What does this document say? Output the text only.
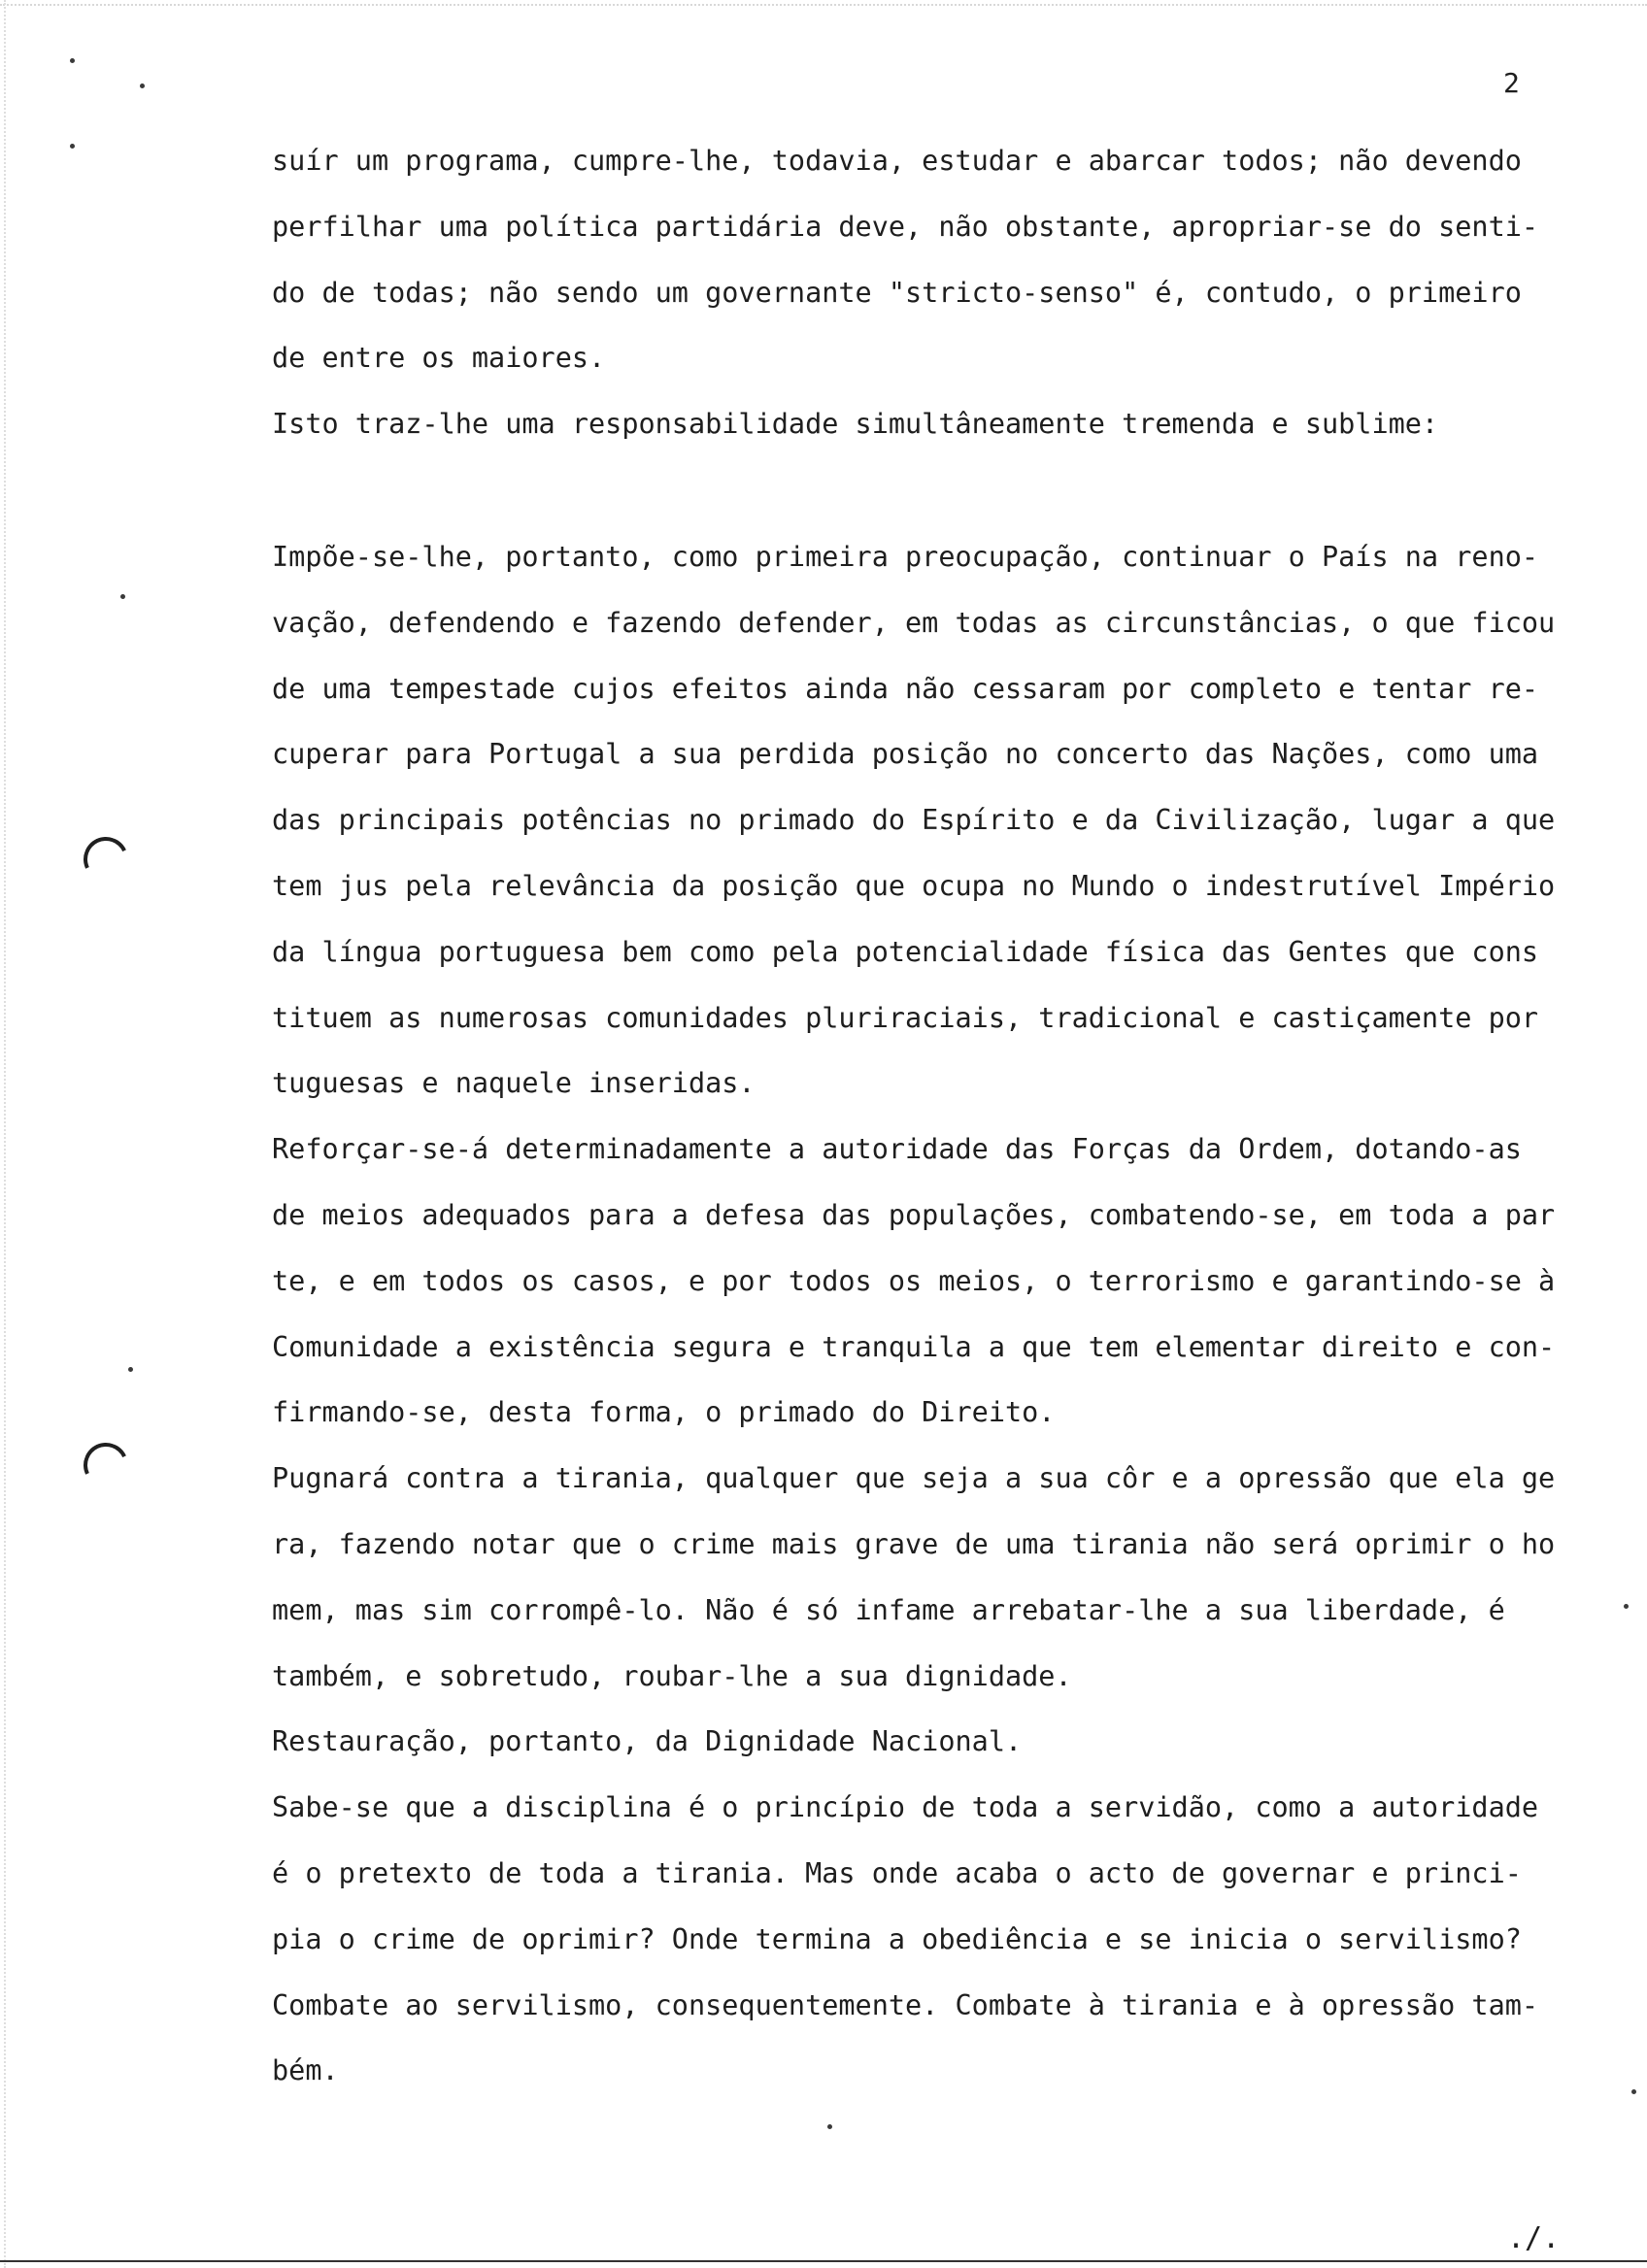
2
suír um programa, cumpre-lhe, todavia, estudar e abarcar todos; não devendo
perfilhar uma política partidária deve, não obstante, apropriar-se do senti-
do de todas; não sendo um governante "stricto-senso" é, contudo, o primeiro
de entre os maiores.
Isto traz-lhe uma responsabilidade simultâneamente tremenda e sublime:
Impõe-se-lhe, portanto, como primeira preocupação, continuar o País na reno-
vação, defendendo e fazendo defender, em todas as circunstâncias, o que ficou
de uma tempestade cujos efeitos ainda não cessaram por completo e tentar re-
cuperar para Portugal a sua perdida posição no concerto das Nações, como uma
das principais potências no primado do Espírito e da Civilização, lugar a que
tem jus pela relevância da posição que ocupa no Mundo o indestrutível Império
da língua portuguesa bem como pela potencialidade física das Gentes que cons
tituem as numerosas comunidades pluriraciais, tradicional e castiçamente por
tuguesas e naquele inseridas.
Reforçar-se-á determinadamente a autoridade das Forças da Ordem, dotando-as
de meios adequados para a defesa das populações, combatendo-se, em toda a par
te, e em todos os casos, e por todos os meios, o terrorismo e garantindo-se à
Comunidade a existência segura e tranquila a que tem elementar direito e con-
firmando-se, desta forma, o primado do Direito.
Pugnará contra a tirania, qualquer que seja a sua côr e a opressão que ela ge
ra, fazendo notar que o crime mais grave de uma tirania não será oprimir o ho
mem, mas sim corrompê-lo. Não é só infame arrebatar-lhe a sua liberdade, é
também, e sobretudo, roubar-lhe a sua dignidade.
Restauração, portanto, da Dignidade Nacional.
Sabe-se que a disciplina é o princípio de toda a servidão, como a autoridade
é o pretexto de toda a tirania. Mas onde acaba o acto de governar e princi-
pia o crime de oprimir? Onde termina a obediência e se inicia o servilismo?
Combate ao servilismo, consequentemente. Combate à tirania e à opressão tam-
bém.
./.
